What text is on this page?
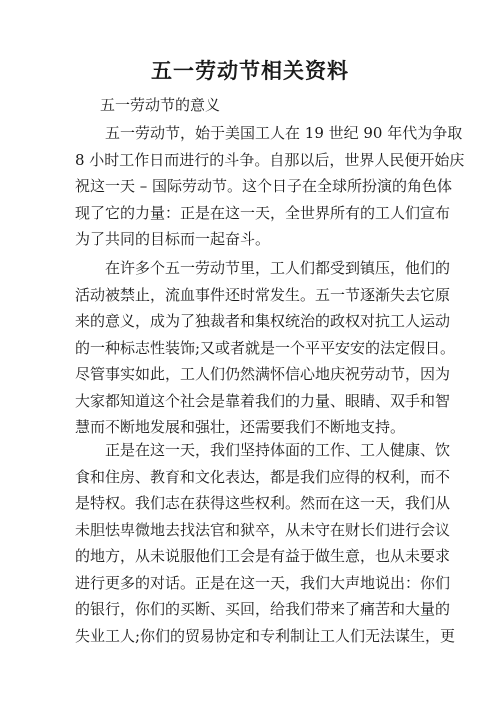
五一劳动节相关资料

五一劳动节的意义

　　五一劳动节，始于美国工人在 19 世纪 90 年代为争取
8 小时工作日而进行的斗争。自那以后，世界人民便开始庆
祝这一天 – 国际劳动节。这个日子在全球所扮演的角色体
现了它的力量：正是在这一天，全世界所有的工人们宣布
为了共同的目标而一起奋斗。

　　在许多个五一劳动节里，工人们都受到镇压，他们的
活动被禁止，流血事件还时常发生。五一节逐渐失去它原
来的意义，成为了独裁者和集权统治的政权对抗工人运动
的一种标志性装饰;又或者就是一个平平安安的法定假日。
尽管事实如此，工人们仍然满怀信心地庆祝劳动节，因为
大家都知道这个社会是靠着我们的力量、眼睛、双手和智
慧而不断地发展和强壮，还需要我们不断地支持。

　　正是在这一天，我们坚持体面的工作、工人健康、饮
食和住房、教育和文化表达，都是我们应得的权利，而不
是特权。我们志在获得这些权利。然而在这一天，我们从
未胆怯卑微地去找法官和狱卒，从未守在财长们进行会议
的地方，从未说服他们工会是有益于做生意，也从未要求
进行更多的对话。正是在这一天，我们大声地说出：你们
的银行，你们的买断、买回，给我们带来了痛苦和大量的
失业工人;你们的贸易协定和专利制让工人们无法谋生，更
